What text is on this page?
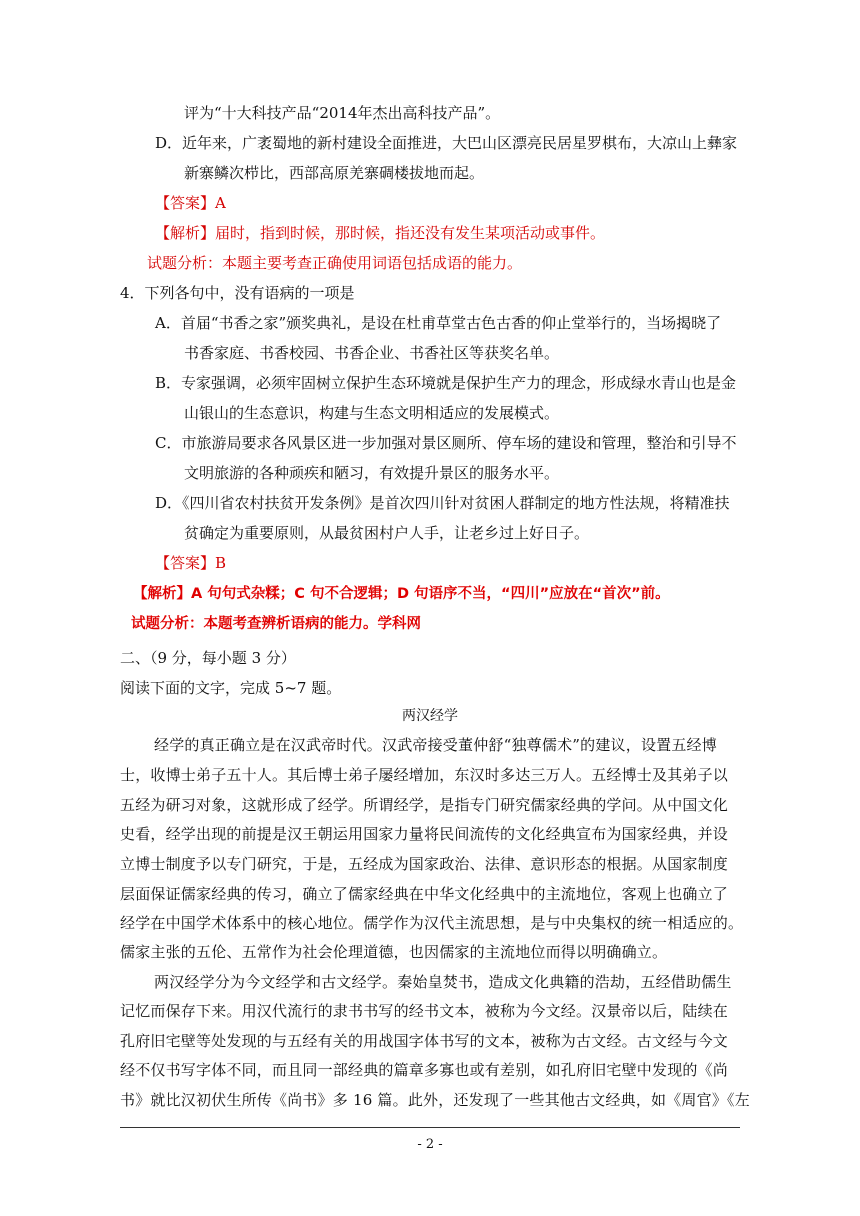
评为“十大科技产品“2014年杰出高科技产品”。
D．近年来，广袤蜀地的新村建设全面推进，大巴山区漂亮民居星罗棋布，大凉山上彝家
新寨鳞次栉比，西部高原羌寨碉楼拔地而起。
【答案】A
【解析】届时，指到时候，那时候，指还没有发生某项活动或事件。
试题分析：本题主要考查正确使用词语包括成语的能力。
4．下列各句中，没有语病的一项是
A．首届“书香之家”颁奖典礼，是设在杜甫草堂古色古香的仰止堂举行的，当场揭晓了
书香家庭、书香校园、书香企业、书香社区等获奖名单。
B．专家强调，必须牢固树立保护生态环境就是保护生产力的理念，形成绿水青山也是金
山银山的生态意识，构建与生态文明相适应的发展模式。
C．市旅游局要求各风景区进一步加强对景区厕所、停车场的建设和管理，整治和引导不
文明旅游的各种顽疾和陋习，有效提升景区的服务水平。
D．《四川省农村扶贫开发条例》是首次四川针对贫困人群制定的地方性法规，将精准扶
贫确定为重要原则，从最贫困村户人手，让老乡过上好日子。
【答案】B
【解析】A 句句式杂糅；C 句不合逻辑；D 句语序不当，“四川”应放在“首次”前。
试题分析：本题考查辨析语病的能力。学科网
二、（9 分，每小题 3 分）
阅读下面的文字，完成 5~7 题。
两汉经学
经学的真正确立是在汉武帝时代。汉武帝接受董仲舒“独尊儒术”的建议，设置五经博
士，收博士弟子五十人。其后博士弟子屡经增加，东汉时多达三万人。五经博士及其弟子以
五经为研习对象，这就形成了经学。所谓经学，是指专门研究儒家经典的学问。从中国文化
史看，经学出现的前提是汉王朝运用国家力量将民间流传的文化经典宣布为国家经典，并设
立博士制度予以专门研究，于是，五经成为国家政治、法律、意识形态的根据。从国家制度
层面保证儒家经典的传习，确立了儒家经典在中华文化经典中的主流地位，客观上也确立了
经学在中国学术体系中的核心地位。儒学作为汉代主流思想，是与中央集权的统一相适应的。
儒家主张的五伦、五常作为社会伦理道德，也因儒家的主流地位而得以明确确立。
两汉经学分为今文经学和古文经学。秦始皇焚书，造成文化典籍的浩劫，五经借助儒生
记忆而保存下来。用汉代流行的隶书书写的经书文本，被称为今文经。汉景帝以后，陆续在
孔府旧宅壁等处发现的与五经有关的用战国字体书写的文本，被称为古文经。古文经与今文
经不仅书写字体不同，而且同一部经典的篇章多寡也或有差别，如孔府旧宅壁中发现的《尚
书》就比汉初伏生所传《尚书》多 16 篇。此外，还发现了一些其他古文经典，如《周官》《左
- 2 -
